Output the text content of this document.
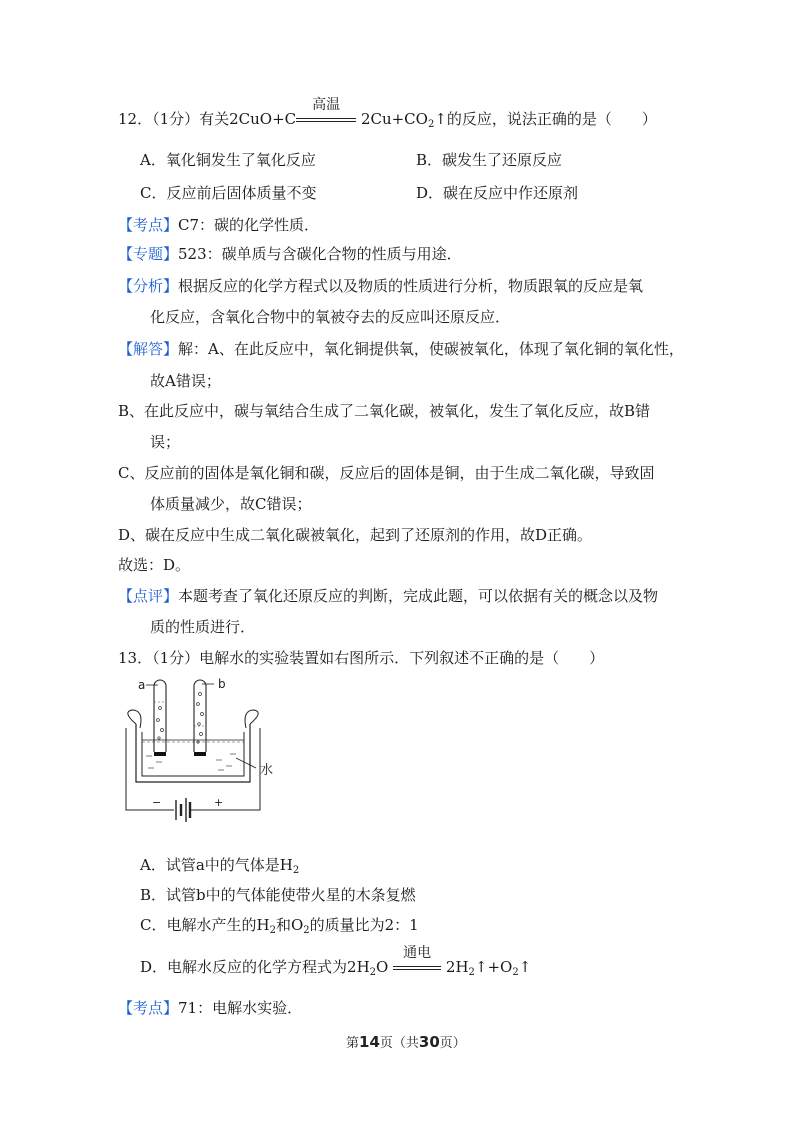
12．（1分）有关2CuO+C
高温
$2Cu+CO_2↑$的反应，说法正确的是（　　）
A．氧化铜发生了氧化反应	B．碳发生了还原反应
C．反应前后固体质量不变	D．碳在反应中作还原剂
【考点】C7：碳的化学性质．
【专题】523：碳单质与含碳化合物的性质与用途．
【分析】根据反应的化学方程式以及物质的性质进行分析，物质跟氧的反应是氧
化反应，含氧化合物中的氧被夺去的反应叫还原反应．
【解答】解：A、在此反应中，氧化铜提供氧，使碳被氧化，体现了氧化铜的氧化性，
故A错误；
B、在此反应中，碳与氧结合生成了二氧化碳，被氧化，发生了氧化反应，故B错
误；
C、反应前的固体是氧化铜和碳，反应后的固体是铜，由于生成二氧化碳，导致固
体质量减少，故C错误；
D、碳在反应中生成二氧化碳被氧化，起到了还原剂的作用，故D正确。
故选：D。
【点评】本题考查了氧化还原反应的判断，完成此题，可以依据有关的概念以及物
质的性质进行．
13．（1分）电解水的实验装置如右图所示．下列叙述不正确的是（　　）
a	b
水
−	+
A．试管a中的气体是$H_2$
B．试管b中的气体能使带火星的木条复燃
C．电解水产生的$H_2$和$O_2$的质量比为2：1
D．电解水反应的化学方程式为$2H_2O$
通电
$2H_2↑+O_2↑$
【考点】71：电解水实验．
第14页（共30页）
